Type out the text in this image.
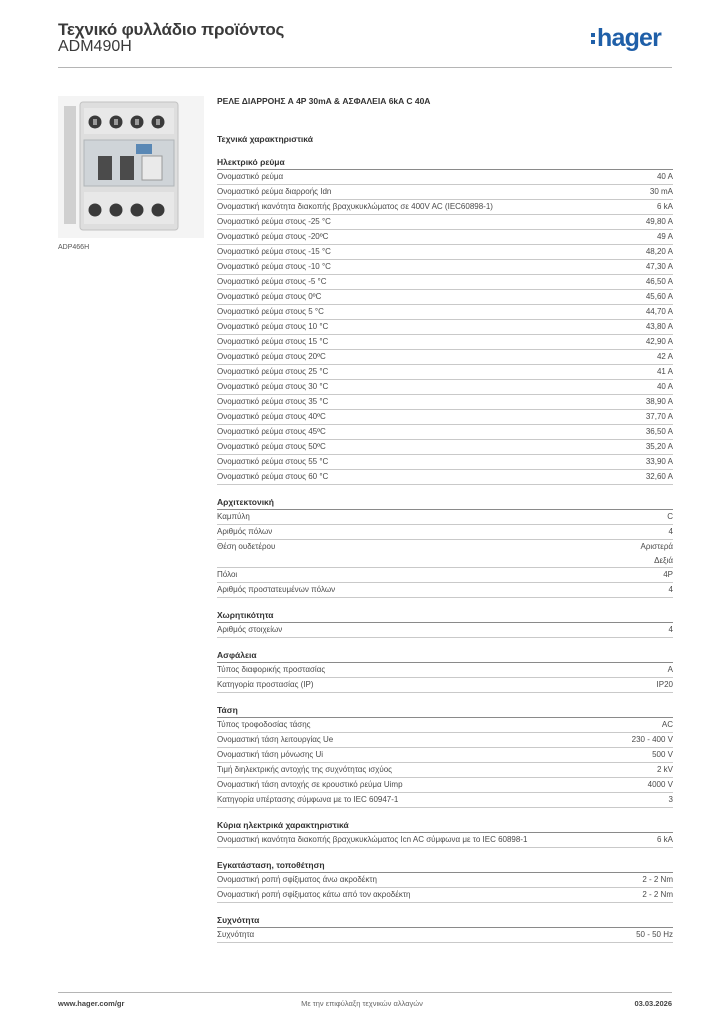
Τεχνικό φυλλάδιο προϊόντος
ADM490H	hager
ADP466H
ΡΕΛΕ ΔΙΑΡΡΟΗΣ Α 4P 30mA & ΑΣΦΑΛΕΙΑ 6kA C 40A
Τεχνικά χαρακτηριστικά
Ηλεκτρικό ρεύμα
Ονομαστικό ρεύμα	40 A
Ονομαστικό ρεύμα διαρροής Idn	30 mA
Ονομαστική ικανότητα διακοπής βραχυκυκλώματος σε 400V AC (IEC60898-1)	6 kA
Ονομαστικό ρεύμα στους -25 °C	49,80 A
Ονομαστικό ρεύμα στους -20ºC	49 A
Ονομαστικό ρεύμα στους -15 °C	48,20 A
Ονομαστικό ρεύμα στους -10 °C	47,30 A
Ονομαστικό ρεύμα στους -5 °C	46,50 A
Ονομαστικό ρεύμα στους 0ºC	45,60 A
Ονομαστικό ρεύμα στους 5 °C	44,70 A
Ονομαστικό ρεύμα στους 10 °C	43,80 A
Ονομαστικό ρεύμα στους 15 °C	42,90 A
Ονομαστικό ρεύμα στους 20ºC	42 A
Ονομαστικό ρεύμα στους 25 °C	41 A
Ονομαστικό ρεύμα στους 30 °C	40 A
Ονομαστικό ρεύμα στους 35 °C	38,90 A
Ονομαστικό ρεύμα στους 40ºC	37,70 A
Ονομαστικό ρεύμα στους 45ºC	36,50 A
Ονομαστικό ρεύμα στους 50ºC	35,20 A
Ονομαστικό ρεύμα στους 55 °C	33,90 A
Ονομαστικό ρεύμα στους 60 °C	32,60 A
Αρχιτεκτονική
Καμπύλη	C
Αριθμός πόλων	4
Θέση ουδετέρου	Αριστερά
Δεξιά
Πόλοι	4P
Αριθμός προστατευμένων πόλων	4
Χωρητικότητα
Αριθμός στοιχείων	4
Ασφάλεια
Τύπος διαφορικής προστασίας	A
Κατηγορία προστασίας (IP)	IP20
Τάση
Τύπος τροφοδοσίας τάσης	AC
Ονομαστική τάση λειτουργίας Ue	230 - 400 V
Ονομαστική τάση μόνωσης Ui	500 V
Τιμή διηλεκτρικής αντοχής της συχνότητας ισχύος	2 kV
Ονομαστική τάση αντοχής σε κρουστικό ρεύμα Uimp	4000 V
Κατηγορία υπέρτασης σύμφωνα με το IEC 60947-1	3
Κύρια ηλεκτρικά χαρακτηριστικά
Ονομαστική ικανότητα διακοπής βραχυκυκλώματος Icn AC σύμφωνα με το IEC 60898-1	6 kA
Εγκατάσταση, τοποθέτηση
Ονομαστική ροπή σφίξιματος άνω ακροδέκτη	2 - 2 Nm
Ονομαστική ροπή σφίξιματος κάτω από τον ακροδέκτη	2 - 2 Nm
Συχνότητα
Συχνότητα	50 - 50 Hz
www.hager.com/gr	Με την επιφύλαξη τεχνικών αλλαγών	03.03.2026
